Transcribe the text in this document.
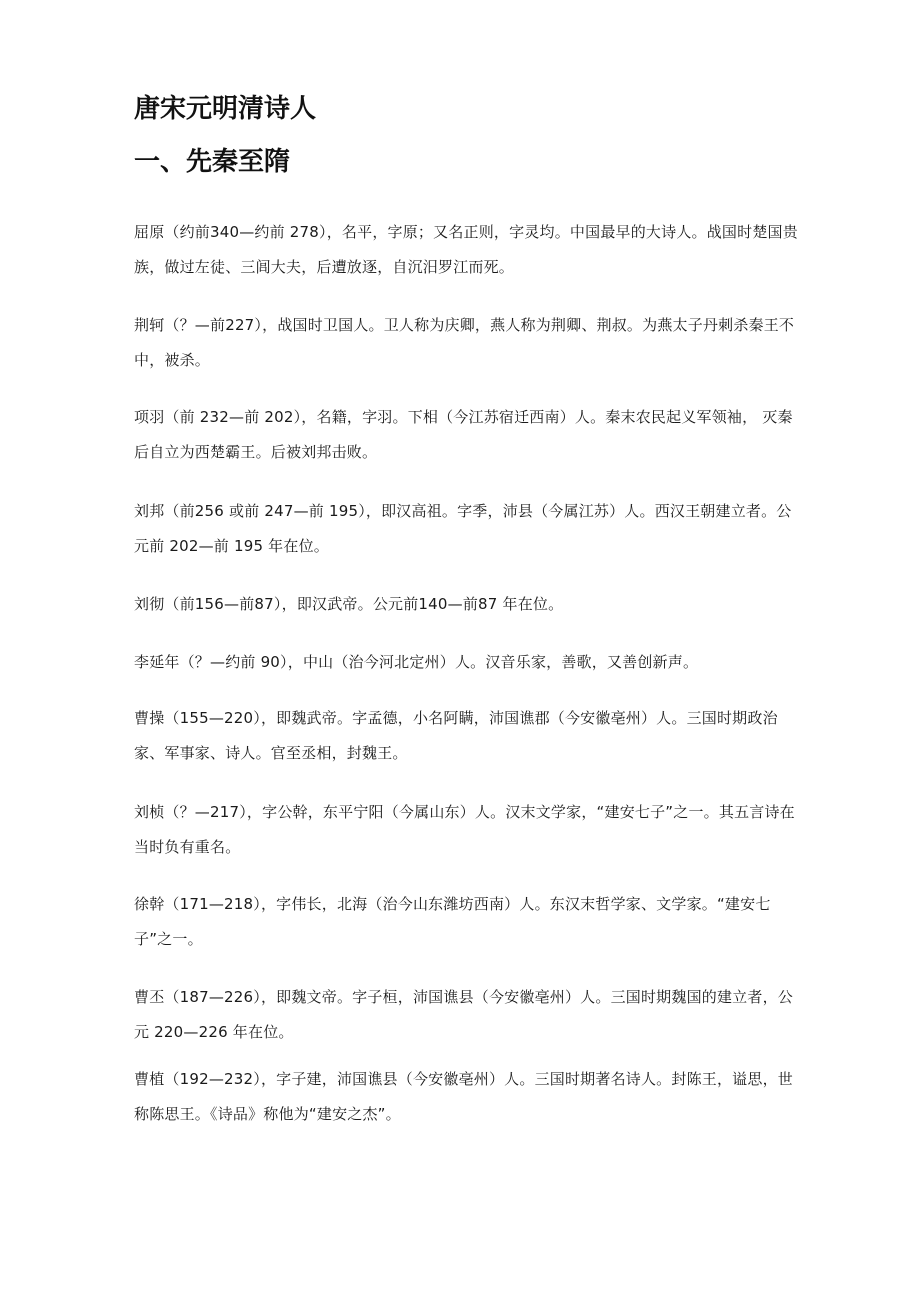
唐宋元明清诗人
一、先秦至隋

屈原（约前340—约前 278），名平，字原；又名正则，字灵均。中国最早的大诗人。战国时楚国贵族，做过左徒、三闾大夫，后遭放逐，自沉汨罗江而死。

荆轲（？—前227），战国时卫国人。卫人称为庆卿，燕人称为荆卿、荆叔。为燕太子丹刺杀秦王不中，被杀。

项羽（前 232—前 202），名籍，字羽。下相（今江苏宿迁西南）人。秦末农民起义军领袖， 灭秦后自立为西楚霸王。后被刘邦击败。

刘邦（前256 或前 247—前 195），即汉高祖。字季，沛县（今属江苏）人。西汉王朝建立者。公元前 202—前 195 年在位。

刘彻（前156—前87），即汉武帝。公元前140—前87 年在位。

李延年（？—约前 90），中山（治今河北定州）人。汉音乐家，善歌，又善创新声。

曹操（155—220），即魏武帝。字孟德，小名阿瞒，沛国谯郡（今安徽亳州）人。三国时期政治家、军事家、诗人。官至丞相，封魏王。

刘桢（？—217），字公幹，东平宁阳（今属山东）人。汉末文学家，“建安七子”之一。其五言诗在当时负有重名。

徐幹（171—218），字伟长，北海（治今山东潍坊西南）人。东汉末哲学家、文学家。“建安七子”之一。

曹丕（187—226），即魏文帝。字子桓，沛国谯县（今安徽亳州）人。三国时期魏国的建立者，公元 220—226 年在位。

曹植（192—232），字子建，沛国谯县（今安徽亳州）人。三国时期著名诗人。封陈王，谥思，世称陈思王。《诗品》称他为“建安之杰”。
